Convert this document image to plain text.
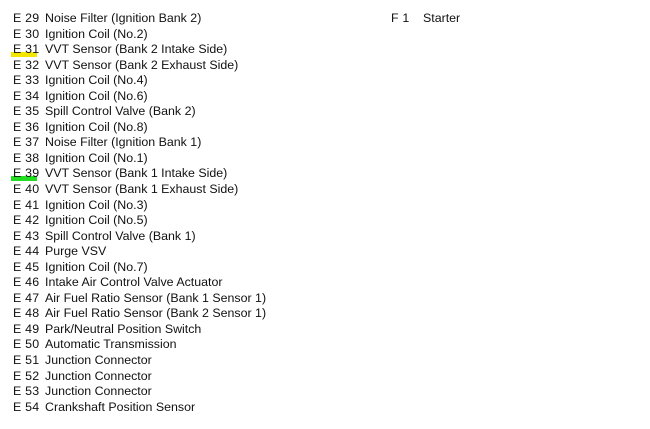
E 29 Noise Filter (Ignition Bank 2)
E 30 Ignition Coil (No.2)
E 31 VVT Sensor (Bank 2 Intake Side)
E 32 VVT Sensor (Bank 2 Exhaust Side)
E 33 Ignition Coil (No.4)
E 34 Ignition Coil (No.6)
E 35 Spill Control Valve (Bank 2)
E 36 Ignition Coil (No.8)
E 37 Noise Filter (Ignition Bank 1)
E 38 Ignition Coil (No.1)
E 39 VVT Sensor (Bank 1 Intake Side)
E 40 VVT Sensor (Bank 1 Exhaust Side)
E 41 Ignition Coil (No.3)
E 42 Ignition Coil (No.5)
E 43 Spill Control Valve (Bank 1)
E 44 Purge VSV
E 45 Ignition Coil (No.7)
E 46 Intake Air Control Valve Actuator
E 47 Air Fuel Ratio Sensor (Bank 1 Sensor 1)
E 48 Air Fuel Ratio Sensor (Bank 2 Sensor 1)
E 49 Park/Neutral Position Switch
E 50 Automatic Transmission
E 51 Junction Connector
E 52 Junction Connector
E 53 Junction Connector
E 54 Crankshaft Position Sensor
F 1 Starter
